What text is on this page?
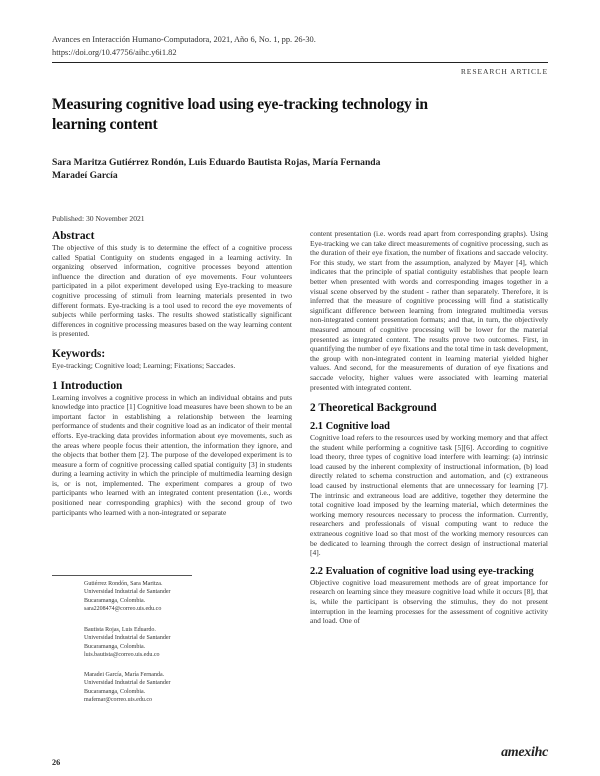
Avances en Interacción Humano-Computadora, 2021, Año 6, No. 1, pp. 26-30.
https://doi.org/10.47756/aihc.y6i1.82
RESEARCH ARTICLE
Measuring cognitive load using eye-tracking technology in learning content
Sara Maritza Gutiérrez Rondón, Luis Eduardo Bautista Rojas, María Fernanda Maradeí García
Published: 30 November 2021
Abstract

The objective of this study is to determine the effect of a cognitive process called Spatial Contiguity on students engaged in a learning activity. In organizing observed information, cognitive processes beyond attention influence the direction and duration of eye movements. Four volunteers participated in a pilot experiment developed using Eye-tracking to measure cognitive processing of stimuli from learning materials presented in two different formats. Eye-tracking is a tool used to record the eye movements of subjects while performing tasks. The results showed statistically significant differences in cognitive processing measures based on the way learning content is presented.

Keywords:

Eye-tracking; Cognitive load; Learning; Fixations; Saccades.

1 Introduction

Learning involves a cognitive process in which an individual obtains and puts knowledge into practice [1] Cognitive load measures have been shown to be an important factor in establishing a relationship between the learning performance of students and their cognitive load as an indicator of their mental efforts. Eye-tracking data provides information about eye movements, such as the areas where people focus their attention, the information they ignore, and the objects that bother them [2]. The purpose of the developed experiment is to measure a form of cognitive processing called spatial contiguity [3] in students during a learning activity in which the principle of multimedia learning design is, or is not, implemented. The experiment compares a group of two participants who learned with an integrated content presentation (i.e., words positioned near corresponding graphics) with the second group of two participants who learned with a non-integrated or separate

Gutiérrez Rondón, Sara Maritza.
Universidad Industrial de Santander
Bucaramanga, Colombia.
sara2208474@correo.uis.edu.co
Bautista Rojas, Luis Eduardo.
Universidad Industrial de Santander
Bucaramanga, Colombia.
luis.bautista@correo.uis.edu.co
Maradei García, María Fernanda.
Universidad Industrial de Santander
Bucaramanga, Colombia.
mafemar@correo.uis.edu.co

content presentation (i.e. words read apart from corresponding graphs). Using Eye-tracking we can take direct measurements of cognitive processing, such as the duration of their eye fixation, the number of fixations and saccade velocity. For this study, we start from the assumption, analyzed by Mayer [4], which indicates that the principle of spatial contiguity establishes that people learn better when presented with words and corresponding images together in a visual scene observed by the student - rather than separately. Therefore, it is inferred that the measure of cognitive processing will find a statistically significant difference between learning from integrated multimedia versus non-integrated content presentation formats; and that, in turn, the objectively measured amount of cognitive processing will be lower for the material presented as integrated content. The results prove two outcomes. First, in quantifying the number of eye fixations and the total time in task development, the group with non-integrated content in learning material yielded higher values. And second, for the measurements of duration of eye fixations and saccade velocity, higher values were associated with learning material presented with integrated content.

2 Theoretical Background
2.1 Cognitive load

Cognitive load refers to the resources used by working memory and that affect the student while performing a cognitive task [5][6]. According to cognitive load theory, three types of cognitive load interfere with learning: (a) intrinsic load caused by the inherent complexity of instructional information, (b) load directly related to schema construction and automation, and (c) extraneous load caused by instructional elements that are unnecessary for learning [7]. The intrinsic and extraneous load are additive, together they determine the total cognitive load imposed by the learning material, which determines the working memory resources necessary to process the information. Currently, researchers and professionals of visual computing want to reduce the extraneous cognitive load so that most of the working memory resources can be dedicated to learning through the correct design of instructional material [4].

2.2 Evaluation of cognitive load using eye-tracking

Objective cognitive load measurement methods are of great importance for research on learning since they measure cognitive load while it occurs [8], that is, while the participant is observing the stimulus, they do not present interruption in the learning processes for the assessment of cognitive activity and load. One of

26
amexihc
